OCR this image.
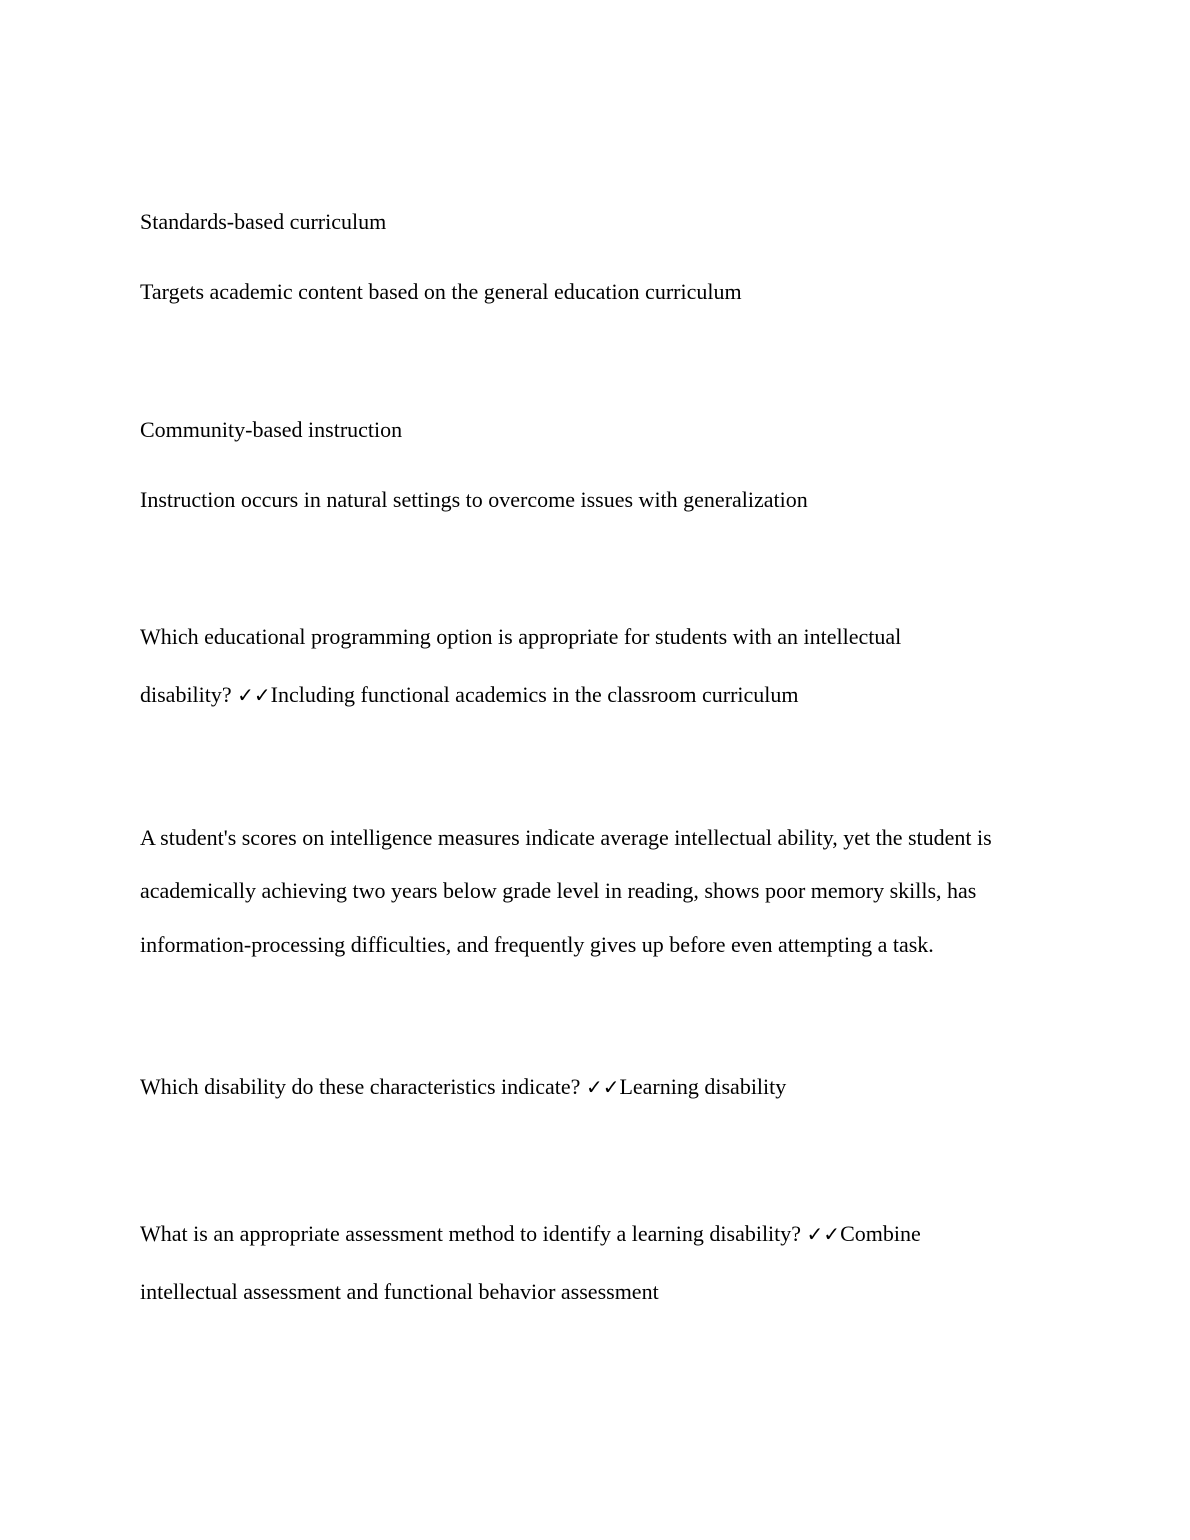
Standards-based curriculum
Targets academic content based on the general education curriculum
Community-based instruction
Instruction occurs in natural settings to overcome issues with generalization
Which educational programming option is appropriate for students with an intellectual
disability? ✓✓Including functional academics in the classroom curriculum
A student's scores on intelligence measures indicate average intellectual ability, yet the student is
academically achieving two years below grade level in reading, shows poor memory skills, has
information-processing difficulties, and frequently gives up before even attempting a task.
Which disability do these characteristics indicate? ✓✓Learning disability
What is an appropriate assessment method to identify a learning disability? ✓✓Combine
intellectual assessment and functional behavior assessment
